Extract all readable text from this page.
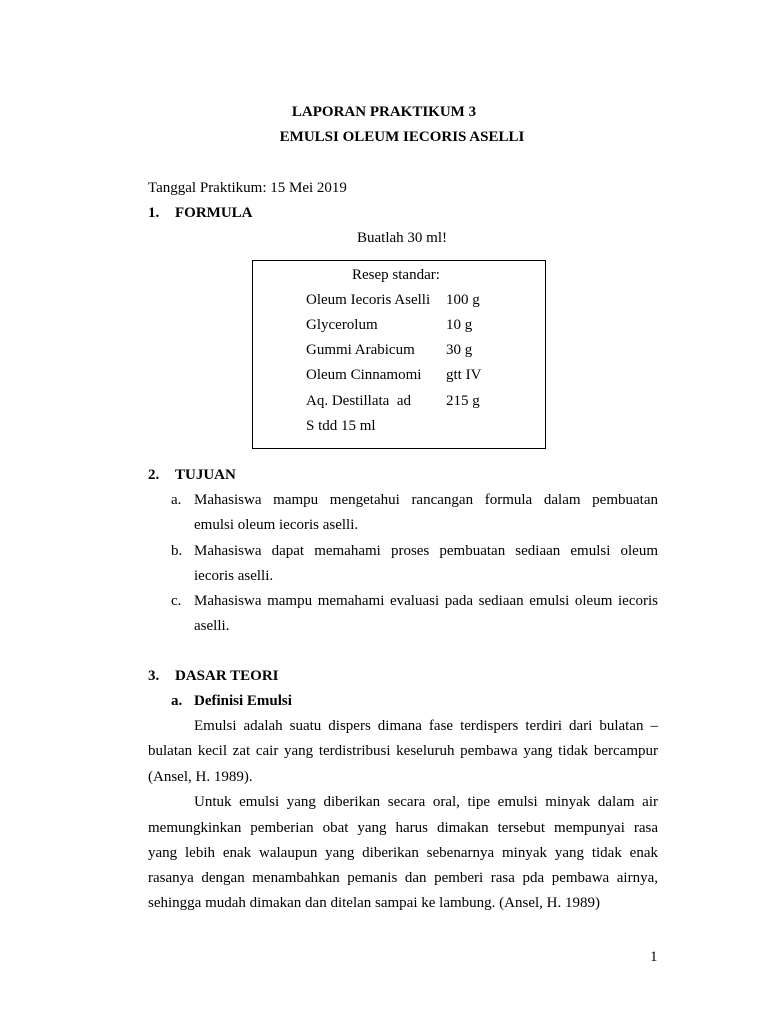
LAPORAN PRAKTIKUM 3
EMULSI OLEUM IECORIS ASELLI
Tanggal Praktikum: 15 Mei 2019
1. FORMULA
Buatlah 30 ml!
Resep standar:
Oleum Iecoris Aselli 100 g
Glycerolum	10 g
Gummi Arabicum 30 g
Oleum Cinnamomi gtt IV
Aq. Destillata  ad 215 g
S tdd 15 ml
2. TUJUAN
a. Mahasiswa mampu mengetahui rancangan formula dalam pembuatan
emulsi oleum iecoris aselli.
b. Mahasiswa dapat memahami proses pembuatan sediaan emulsi oleum
iecoris aselli.
c. Mahasiswa mampu memahami evaluasi pada sediaan emulsi oleum iecoris
aselli.
3. DASAR TEORI
a. Definisi Emulsi
Emulsi adalah suatu dispers dimana fase terdispers terdiri dari bulatan –
bulatan kecil zat cair yang terdistribusi keseluruh pembawa yang tidak bercampur
(Ansel, H. 1989).
Untuk emulsi yang diberikan secara oral, tipe emulsi minyak dalam air
memungkinkan pemberian obat yang harus dimakan tersebut mempunyai rasa
yang lebih enak walaupun yang diberikan sebenarnya minyak yang tidak enak
rasanya dengan menambahkan pemanis dan pemberi rasa pda pembawa airnya,
sehingga mudah dimakan dan ditelan sampai ke lambung. (Ansel, H. 1989)
1
